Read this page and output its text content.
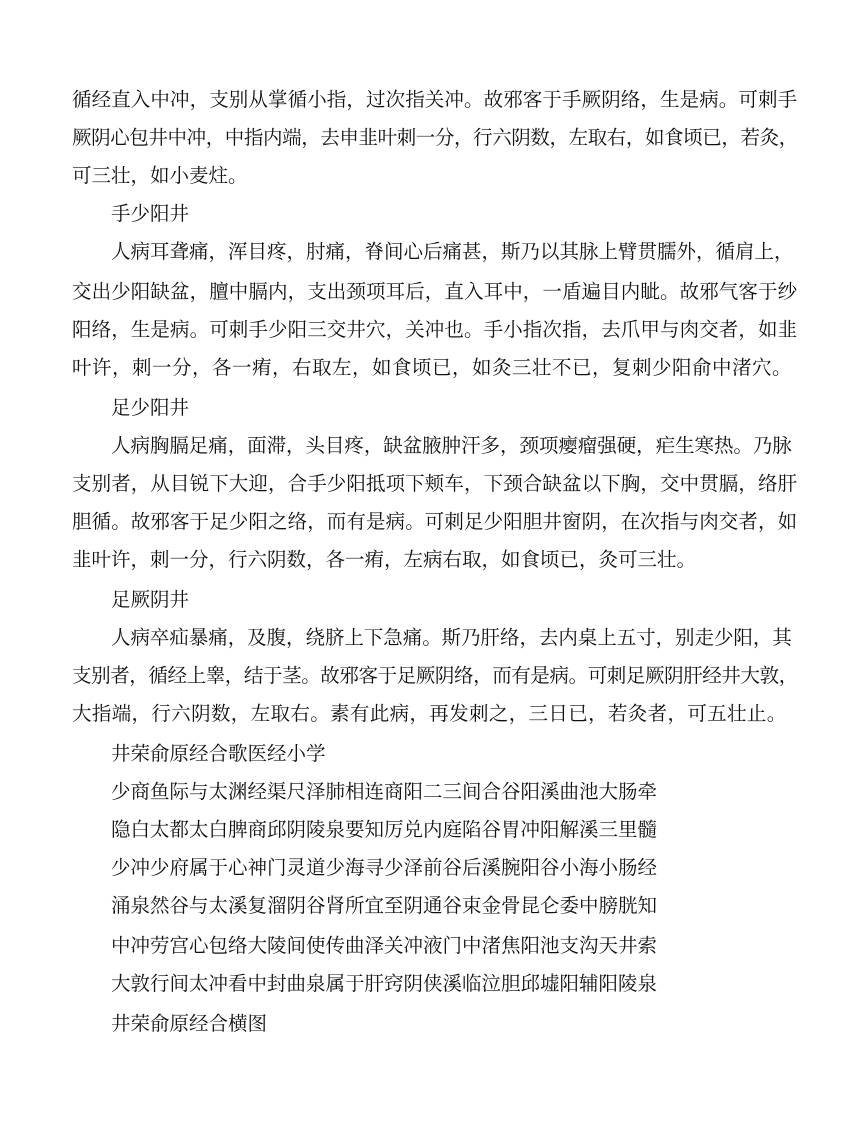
循经直入中冲，支别从掌循小指，过次指关冲。故邪客于手厥阴络，生是病。可刺手
厥阴心包井中冲，中指内端，去申韭叶刺一分，行六阴数，左取右，如食顷已，若灸，
可三壮，如小麦炷。
手少阳井
人病耳聋痛，浑目疼，肘痛，脊间心后痛甚，斯乃以其脉上臂贯臑外，循肩上，
交出少阳缺盆，膻中膈内，支出颈项耳后，直入耳中，一盾遍目内眦。故邪气客于纱
阳络，生是病。可刺手少阳三交井穴，关冲也。手小指次指，去爪甲与肉交者，如韭
叶许，刺一分，各一痏，右取左，如食顷已，如灸三壮不已，复刺少阳俞中渚穴。
足少阳井
人病胸膈足痛，面滞，头目疼，缺盆腋肿汗多，颈项瘿瘤强硬，疟生寒热。乃脉
支别者，从目锐下大迎，合手少阳抵项下颊车，下颈合缺盆以下胸，交中贯膈，络肝
胆循。故邪客于足少阳之络，而有是病。可刺足少阳胆井窗阴，在次指与肉交者，如
韭叶许，刺一分，行六阴数，各一痏，左病右取，如食顷已，灸可三壮。
足厥阴井
人病卒疝暴痛，及腹，绕脐上下急痛。斯乃肝络，去内桌上五寸，别走少阳，其
支别者，循经上睾，结于茎。故邪客于足厥阴络，而有是病。可刺足厥阴肝经井大敦，
大指端，行六阴数，左取右。素有此病，再发刺之，三日已，若灸者，可五壮止。
井荣俞原经合歌医经小学
少商鱼际与太渊经渠尺泽肺相连商阳二三间合谷阳溪曲池大肠牵
隐白太都太白脾商邱阴陵泉要知厉兑内庭陷谷胃冲阳解溪三里髓
少冲少府属于心神门灵道少海寻少泽前谷后溪腕阳谷小海小肠经
涌泉然谷与太溪复溜阴谷肾所宜至阴通谷束金骨昆仑委中膀胱知
中冲劳宫心包络大陵间使传曲泽关冲液门中渚焦阳池支沟天井索
大敦行间太冲看中封曲泉属于肝窍阴侠溪临泣胆邱墟阳辅阳陵泉
井荣俞原经合横图
